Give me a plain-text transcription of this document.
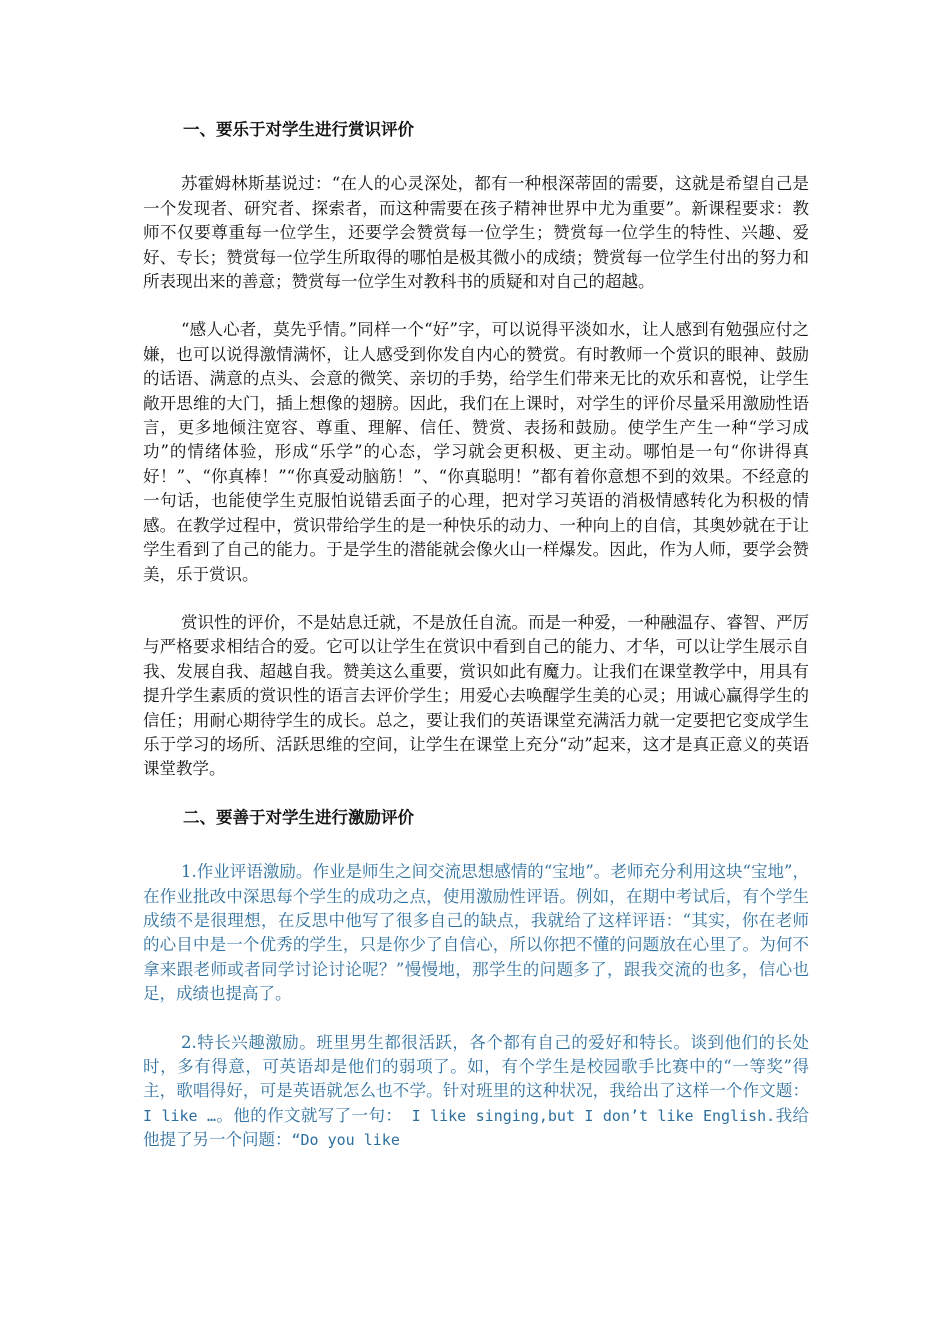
一、要乐于对学生进行赏识评价

苏霍姆林斯基说过：“在人的心灵深处，都有一种根深蒂固的需要，这就是希望自己是一个发现者、研究者、探索者，而这种需要在孩子精神世界中尤为重要”。新课程要求：教师不仅要尊重每一位学生，还要学会赞赏每一位学生；赞赏每一位学生的特性、兴趣、爱好、专长；赞赏每一位学生所取得的哪怕是极其微小的成绩；赞赏每一位学生付出的努力和所表现出来的善意；赞赏每一位学生对教科书的质疑和对自己的超越。

“感人心者，莫先乎情。”同样一个“好”字，可以说得平淡如水，让人感到有勉强应付之嫌，也可以说得激情满怀，让人感受到你发自内心的赞赏。有时教师一个赏识的眼神、鼓励的话语、满意的点头、会意的微笑、亲切的手势，给学生们带来无比的欢乐和喜悦，让学生敞开思维的大门，插上想像的翅膀。因此，我们在上课时，对学生的评价尽量采用激励性语言，更多地倾注宽容、尊重、理解、信任、赞赏、表扬和鼓励。使学生产生一种“学习成功”的情绪体验，形成“乐学”的心态，学习就会更积极、更主动。哪怕是一句“你讲得真好！”、“你真棒！”“你真爱动脑筋！”、“你真聪明！”都有着你意想不到的效果。不经意的一句话，也能使学生克服怕说错丢面子的心理，把对学习英语的消极情感转化为积极的情感。在教学过程中，赏识带给学生的是一种快乐的动力、一种向上的自信，其奥妙就在于让学生看到了自己的能力。于是学生的潜能就会像火山一样爆发。因此，作为人师，要学会赞美，乐于赏识。

赏识性的评价，不是姑息迁就，不是放任自流。而是一种爱，一种融温存、睿智、严厉与严格要求相结合的爱。它可以让学生在赏识中看到自己的能力、才华，可以让学生展示自我、发展自我、超越自我。赞美这么重要，赏识如此有魔力。让我们在课堂教学中，用具有提升学生素质的赏识性的语言去评价学生；用爱心去唤醒学生美的心灵；用诚心赢得学生的信任；用耐心期待学生的成长。总之，要让我们的英语课堂充满活力就一定要把它变成学生乐于学习的场所、活跃思维的空间，让学生在课堂上充分“动”起来，这才是真正意义的英语课堂教学。

二、要善于对学生进行激励评价

1.作业评语激励。作业是师生之间交流思想感情的“宝地”。老师充分利用这块“宝地”，在作业批改中深思每个学生的成功之点，使用激励性评语。例如，在期中考试后，有个学生成绩不是很理想，在反思中他写了很多自己的缺点，我就给了这样评语：“其实，你在老师的心目中是一个优秀的学生，只是你少了自信心，所以你把不懂的问题放在心里了。为何不拿来跟老师或者同学讨论讨论呢？”慢慢地，那学生的问题多了，跟我交流的也多，信心也足，成绩也提高了。

2.特长兴趣激励。班里男生都很活跃，各个都有自己的爱好和特长。谈到他们的长处时，多有得意，可英语却是他们的弱项了。如，有个学生是校园歌手比赛中的“一等奖”得主，歌唱得好，可是英语就怎么也不学。针对班里的这种状况，我给出了这样一个作文题：I like …。他的作文就写了一句： I like singing,but I don’t like English.我给他提了另一个问题：“Do you like
